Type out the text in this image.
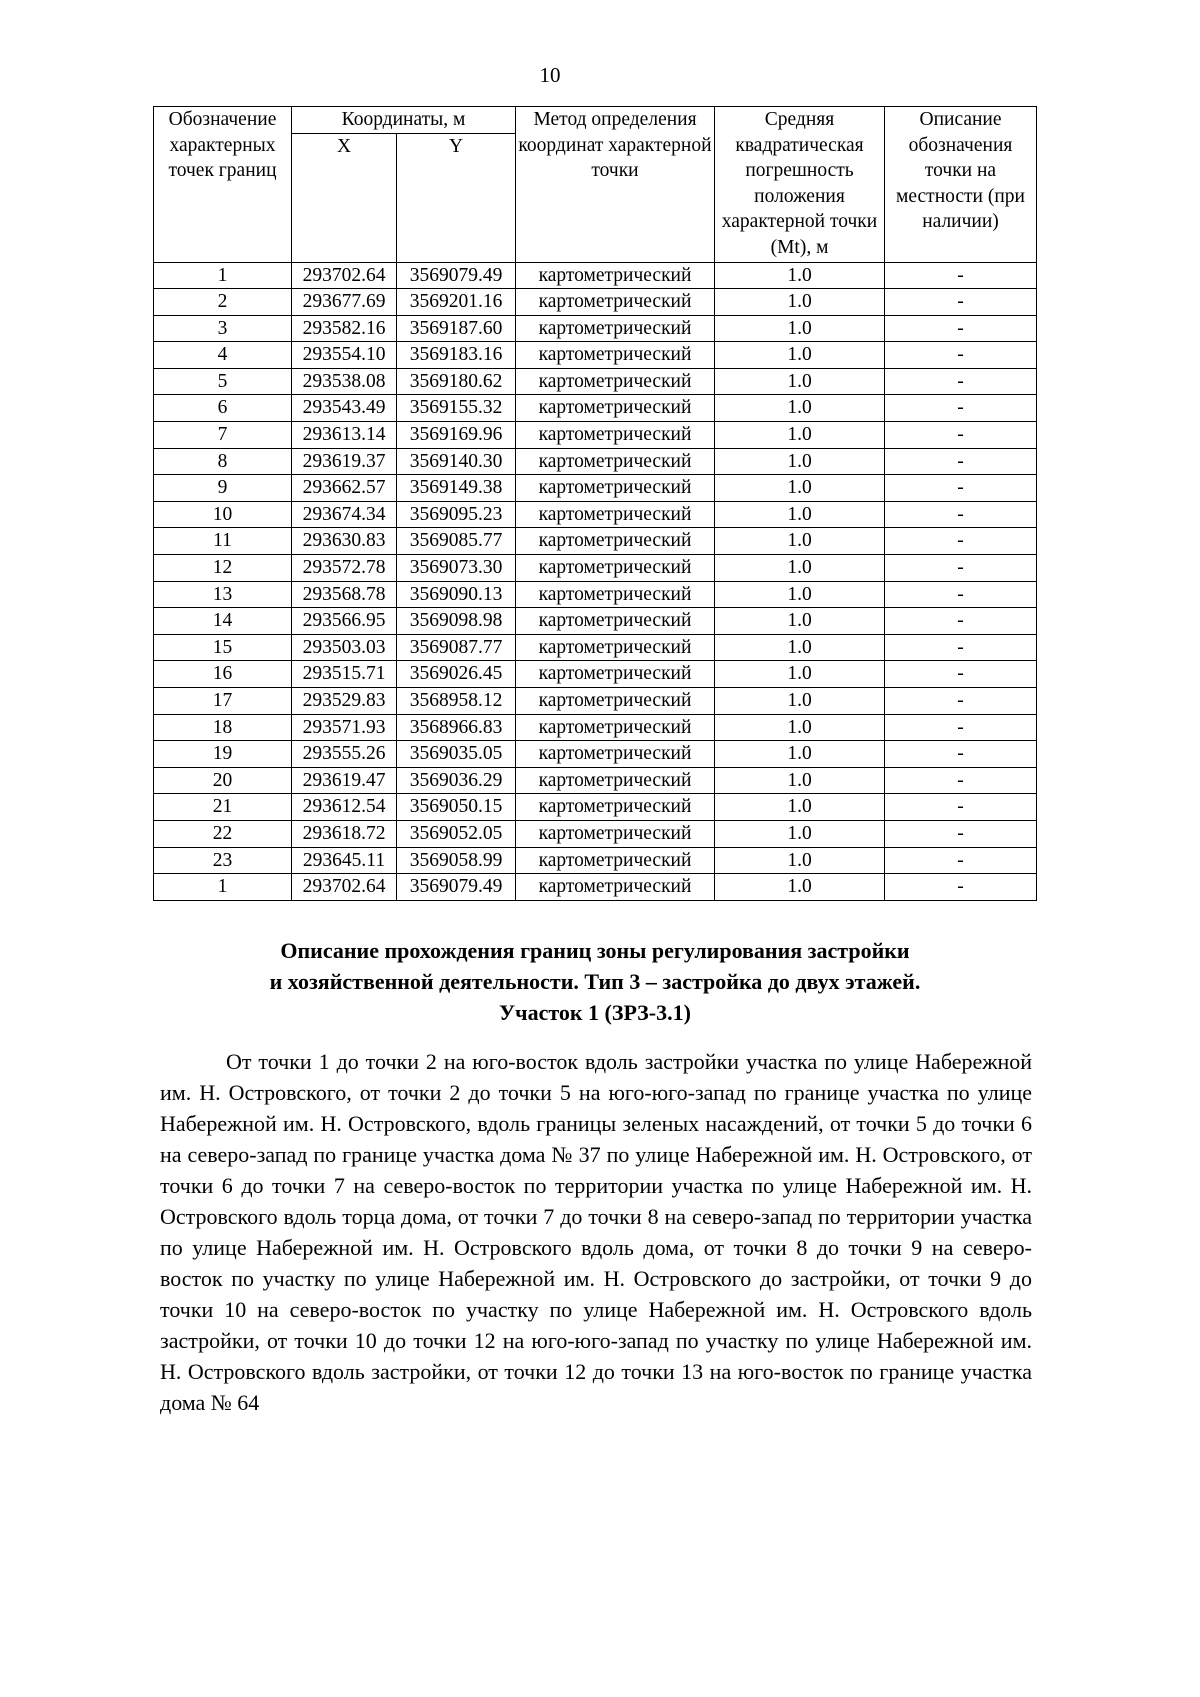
10
Обозначение характерных точек границ	Координаты, м		Метод определения координат характерной точки	Средняя квадратическая погрешность положения характерной точки (Mt), м	Описание обозначения точки на местности (при наличии)
	X	Y			
1	293702.64	3569079.49	картометрический	1.0	-
2	293677.69	3569201.16	картометрический	1.0	-
3	293582.16	3569187.60	картометрический	1.0	-
4	293554.10	3569183.16	картометрический	1.0	-
5	293538.08	3569180.62	картометрический	1.0	-
6	293543.49	3569155.32	картометрический	1.0	-
7	293613.14	3569169.96	картометрический	1.0	-
8	293619.37	3569140.30	картометрический	1.0	-
9	293662.57	3569149.38	картометрический	1.0	-
10	293674.34	3569095.23	картометрический	1.0	-
11	293630.83	3569085.77	картометрический	1.0	-
12	293572.78	3569073.30	картометрический	1.0	-
13	293568.78	3569090.13	картометрический	1.0	-
14	293566.95	3569098.98	картометрический	1.0	-
15	293503.03	3569087.77	картометрический	1.0	-
16	293515.71	3569026.45	картометрический	1.0	-
17	293529.83	3568958.12	картометрический	1.0	-
18	293571.93	3568966.83	картометрический	1.0	-
19	293555.26	3569035.05	картометрический	1.0	-
20	293619.47	3569036.29	картометрический	1.0	-
21	293612.54	3569050.15	картометрический	1.0	-
22	293618.72	3569052.05	картометрический	1.0	-
23	293645.11	3569058.99	картометрический	1.0	-
1	293702.64	3569079.49	картометрический	1.0	-
Описание прохождения границ зоны регулирования застройки
и хозяйственной деятельности. Тип 3 – застройка до двух этажей.
Участок 1 (ЗРЗ-3.1)

От точки 1 до точки 2 на юго-восток вдоль застройки участка по улице Набережной им. Н. Островского, от точки 2 до точки 5 на юго-юго-запад по границе участка по улице Набережной им. Н. Островского, вдоль границы зеленых насаждений, от точки 5 до точки 6 на северо-запад по границе участка дома № 37 по улице Набережной им. Н. Островского, от точки 6 до точки 7 на северо-восток по территории участка по улице Набережной им. Н. Островского вдоль торца дома, от точки 7 до точки 8 на северо-запад по территории участка по улице Набережной им. Н. Островского вдоль дома, от точки 8 до точки 9 на северо-восток по участку по улице Набережной им. Н. Островского до застройки, от точки 9 до точки 10 на северо-восток по участку по улице Набережной им. Н. Островского вдоль застройки, от точки 10 до точки 12 на юго-юго-запад по участку по улице Набережной им. Н. Островского вдоль застройки, от точки 12 до точки 13 на юго-восток по границе участка дома № 64
